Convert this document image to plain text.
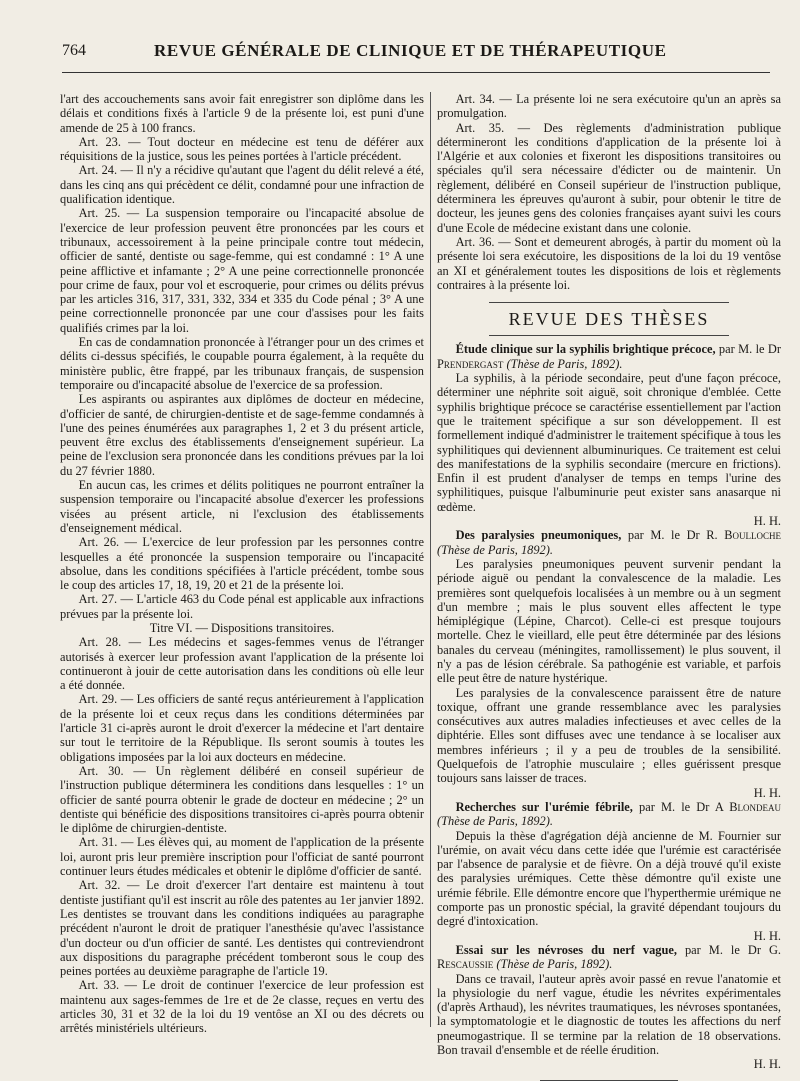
764	REVUE GÉNÉRALE DE CLINIQUE ET DE THÉRAPEUTIQUE

l'art des accouchements sans avoir fait enregistrer son diplôme dans les délais et conditions fixés à l'article 9 de la présente loi, est puni d'une amende de 25 à 100 francs.

Art. 23. — Tout docteur en médecine est tenu de déférer aux réquisitions de la justice, sous les peines portées à l'article précédent.

Art. 24. — Il n'y a récidive qu'autant que l'agent du délit relevé a été, dans les cinq ans qui précèdent ce délit, condamné pour une infraction de qualification identique.

Art. 25. — La suspension temporaire ou l'incapacité absolue de l'exercice de leur profession peuvent être prononcées par les cours et tribunaux, accessoirement à la peine principale contre tout médecin, officier de santé, dentiste ou sage-femme, qui est condamné : 1° A une peine afflictive et infamante ; 2° A une peine correctionnelle prononcée pour crime de faux, pour vol et escroquerie, pour crimes ou délits prévus par les articles 316, 317, 331, 332, 334 et 335 du Code pénal ; 3° A une peine correctionnelle prononcée par une cour d'assises pour les faits qualifiés crimes par la loi.

En cas de condamnation prononcée à l'étranger pour un des crimes et délits ci-dessus spécifiés, le coupable pourra également, à la requête du ministère public, être frappé, par les tribunaux français, de suspension temporaire ou d'incapacité absolue de l'exercice de sa profession.

Les aspirants ou aspirantes aux diplômes de docteur en médecine, d'officier de santé, de chirurgien-dentiste et de sage-femme condamnés à l'une des peines énumérées aux paragraphes 1, 2 et 3 du présent article, peuvent être exclus des établissements d'enseignement supérieur. La peine de l'exclusion sera prononcée dans les conditions prévues par la loi du 27 février 1880.

En aucun cas, les crimes et délits politiques ne pourront entraîner la suspension temporaire ou l'incapacité absolue d'exercer les professions visées au présent article, ni l'exclusion des établissements d'enseignement médical.

Art. 26. — L'exercice de leur profession par les personnes contre lesquelles a été prononcée la suspension temporaire ou l'incapacité absolue, dans les conditions spécifiées à l'article précédent, tombe sous le coup des articles 17, 18, 19, 20 et 21 de la présente loi.

Art. 27. — L'article 463 du Code pénal est applicable aux infractions prévues par la présente loi.

Titre VI. — Dispositions transitoires.

Art. 28. — Les médecins et sages-femmes venus de l'étranger autorisés à exercer leur profession avant l'application de la présente loi continueront à jouir de cette autorisation dans les conditions où elle leur a été donnée.

Art. 29. — Les officiers de santé reçus antérieurement à l'application de la présente loi et ceux reçus dans les conditions déterminées par l'article 31 ci-après auront le droit d'exercer la médecine et l'art dentaire sur tout le territoire de la République. Ils seront soumis à toutes les obligations imposées par la loi aux docteurs en médecine.

Art. 30. — Un règlement délibéré en conseil supérieur de l'instruction publique déterminera les conditions dans lesquelles : 1° un officier de santé pourra obtenir le grade de docteur en médecine ; 2° un dentiste qui bénéficie des dispositions transitoires ci-après pourra obtenir le diplôme de chirurgien-dentiste.

Art. 31. — Les élèves qui, au moment de l'application de la présente loi, auront pris leur première inscription pour l'officiat de santé pourront continuer leurs études médicales et obtenir le diplôme d'officier de santé.

Art. 32. — Le droit d'exercer l'art dentaire est maintenu à tout dentiste justifiant qu'il est inscrit au rôle des patentes au 1er janvier 1892. Les dentistes se trouvant dans les conditions indiquées au paragraphe précédent n'auront le droit de pratiquer l'anesthésie qu'avec l'assistance d'un docteur ou d'un officier de santé. Les dentistes qui contreviendront aux dispositions du paragraphe précédent tomberont sous le coup des peines portées au deuxième paragraphe de l'article 19.

Art. 33. — Le droit de continuer l'exercice de leur profession est maintenu aux sages-femmes de 1re et de 2e classe, reçues en vertu des articles 30, 31 et 32 de la loi du 19 ventôse an XI ou des décrets ou arrêtés ministériels ultérieurs.

Art. 34. — La présente loi ne sera exécutoire qu'un an après sa promulgation.

Art. 35. — Des règlements d'administration publique détermineront les conditions d'application de la présente loi à l'Algérie et aux colonies et fixeront les dispositions transitoires ou spéciales qu'il sera nécessaire d'édicter ou de maintenir. Un règlement, délibéré en Conseil supérieur de l'instruction publique, déterminera les épreuves qu'auront à subir, pour obtenir le titre de docteur, les jeunes gens des colonies françaises ayant suivi les cours d'une Ecole de médecine existant dans une colonie.

Art. 36. — Sont et demeurent abrogés, à partir du moment où la présente loi sera exécutoire, les dispositions de la loi du 19 ventôse an XI et généralement toutes les dispositions de lois et règlements contraires à la présente loi.

REVUE DES THÈSES

Étude clinique sur la syphilis brightique précoce, par M. le Dr Prendergast (Thèse de Paris, 1892).

La syphilis, à la période secondaire, peut d'une façon précoce, déterminer une néphrite soit aiguë, soit chronique d'emblée. Cette syphilis brightique précoce se caractérise essentiellement par l'action que le traitement spécifique a sur son développement. Il est formellement indiqué d'administrer le traitement spécifique à tous les syphilitiques qui deviennent albuminuriques. Ce traitement est celui des manifestations de la syphilis secondaire (mercure en frictions). Enfin il est prudent d'analyser de temps en temps l'urine des syphilitiques, puisque l'albuminurie peut exister sans anasarque ni œdème.

H. H.

Des paralysies pneumoniques, par M. le Dr R. Boulloche (Thèse de Paris, 1892).

Les paralysies pneumoniques peuvent survenir pendant la période aiguë ou pendant la convalescence de la maladie. Les premières sont quelquefois localisées à un membre ou à un segment d'un membre ; mais le plus souvent elles affectent le type hémiplégique (Lépine, Charcot). Celle-ci est presque toujours mortelle. Chez le vieillard, elle peut être déterminée par des lésions banales du cerveau (méningites, ramollissement) le plus souvent, il n'y a pas de lésion cérébrale. Sa pathogénie est variable, et parfois elle peut être de nature hystérique.

Les paralysies de la convalescence paraissent être de nature toxique, offrant une grande ressemblance avec les paralysies consécutives aux autres maladies infectieuses et avec celles de la diphtérie. Elles sont diffuses avec une tendance à se localiser aux membres inférieurs ; il y a peu de troubles de la sensibilité. Quelquefois de l'atrophie musculaire ; elles guérissent presque toujours sans laisser de traces.

H. H.

Recherches sur l'urémie fébrile, par M. le Dr A Blondeau (Thèse de Paris, 1892).

Depuis la thèse d'agrégation déjà ancienne de M. Fournier sur l'urémie, on avait vécu dans cette idée que l'urémie est caractérisée par l'absence de paralysie et de fièvre. On a déjà trouvé qu'il existe des paralysies urémiques. Cette thèse démontre qu'il existe une urémie fébrile. Elle démontre encore que l'hyperthermie urémique ne comporte pas un pronostic spécial, la gravité dépendant toujours du degré d'intoxication.

H. H.

Essai sur les névroses du nerf vague, par M. le Dr G. Rescaussie (Thèse de Paris, 1892).

Dans ce travail, l'auteur après avoir passé en revue l'anatomie et la physiologie du nerf vague, étudie les névrites expérimentales (d'après Arthaud), les névrites traumatiques, les névroses spontanées, la symptomatologie et le diagnostic de toutes les affections du nerf pneumogastrique. Il se termine par la relation de 18 observations. Bon travail d'ensemble et de réelle érudition.

H. H.
